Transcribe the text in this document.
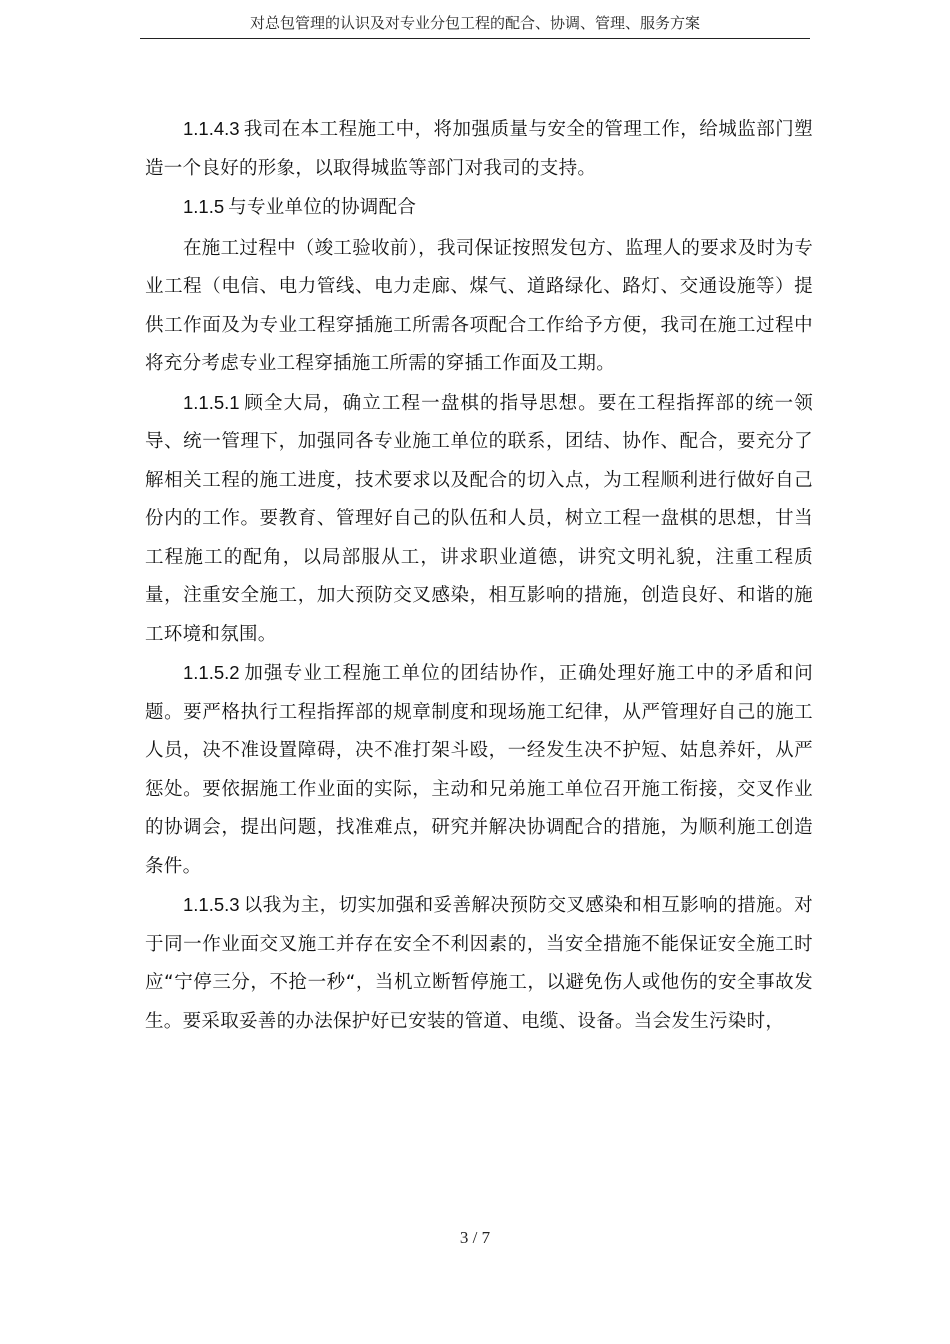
对总包管理的认识及对专业分包工程的配合、协调、管理、服务方案

1.1.4.3 我司在本工程施工中，将加强质量与安全的管理工作，给城监部门塑造一个良好的形象，以取得城监等部门对我司的支持。

1.1.5 与专业单位的协调配合

在施工过程中（竣工验收前），我司保证按照发包方、监理人的要求及时为专业工程（电信、电力管线、电力走廊、煤气、道路绿化、路灯、交通设施等）提供工作面及为专业工程穿插施工所需各项配合工作给予方便，我司在施工过程中将充分考虑专业工程穿插施工所需的穿插工作面及工期。

1.1.5.1 顾全大局，确立工程一盘棋的指导思想。要在工程指挥部的统一领导、统一管理下，加强同各专业施工单位的联系，团结、协作、配合，要充分了解相关工程的施工进度，技术要求以及配合的切入点，为工程顺利进行做好自己份内的工作。要教育、管理好自己的队伍和人员，树立工程一盘棋的思想，甘当工程施工的配角，以局部服从工，讲求职业道德，讲究文明礼貌，注重工程质量，注重安全施工，加大预防交叉感染，相互影响的措施，创造良好、和谐的施工环境和氛围。

1.1.5.2 加强专业工程施工单位的团结协作，正确处理好施工中的矛盾和问题。要严格执行工程指挥部的规章制度和现场施工纪律，从严管理好自己的施工人员，决不准设置障碍，决不准打架斗殴，一经发生决不护短、姑息养奸，从严惩处。要依据施工作业面的实际，主动和兄弟施工单位召开施工衔接，交叉作业的协调会，提出问题，找准难点，研究并解决协调配合的措施，为顺利施工创造条件。

1.1.5.3 以我为主，切实加强和妥善解决预防交叉感染和相互影响的措施。对于同一作业面交叉施工并存在安全不利因素的，当安全措施不能保证安全施工时应“宁停三分，不抢一秒“，当机立断暂停施工，以避免伤人或他伤的安全事故发生。要采取妥善的办法保护好已安装的管道、电缆、设备。当会发生污染时，

3 / 7
